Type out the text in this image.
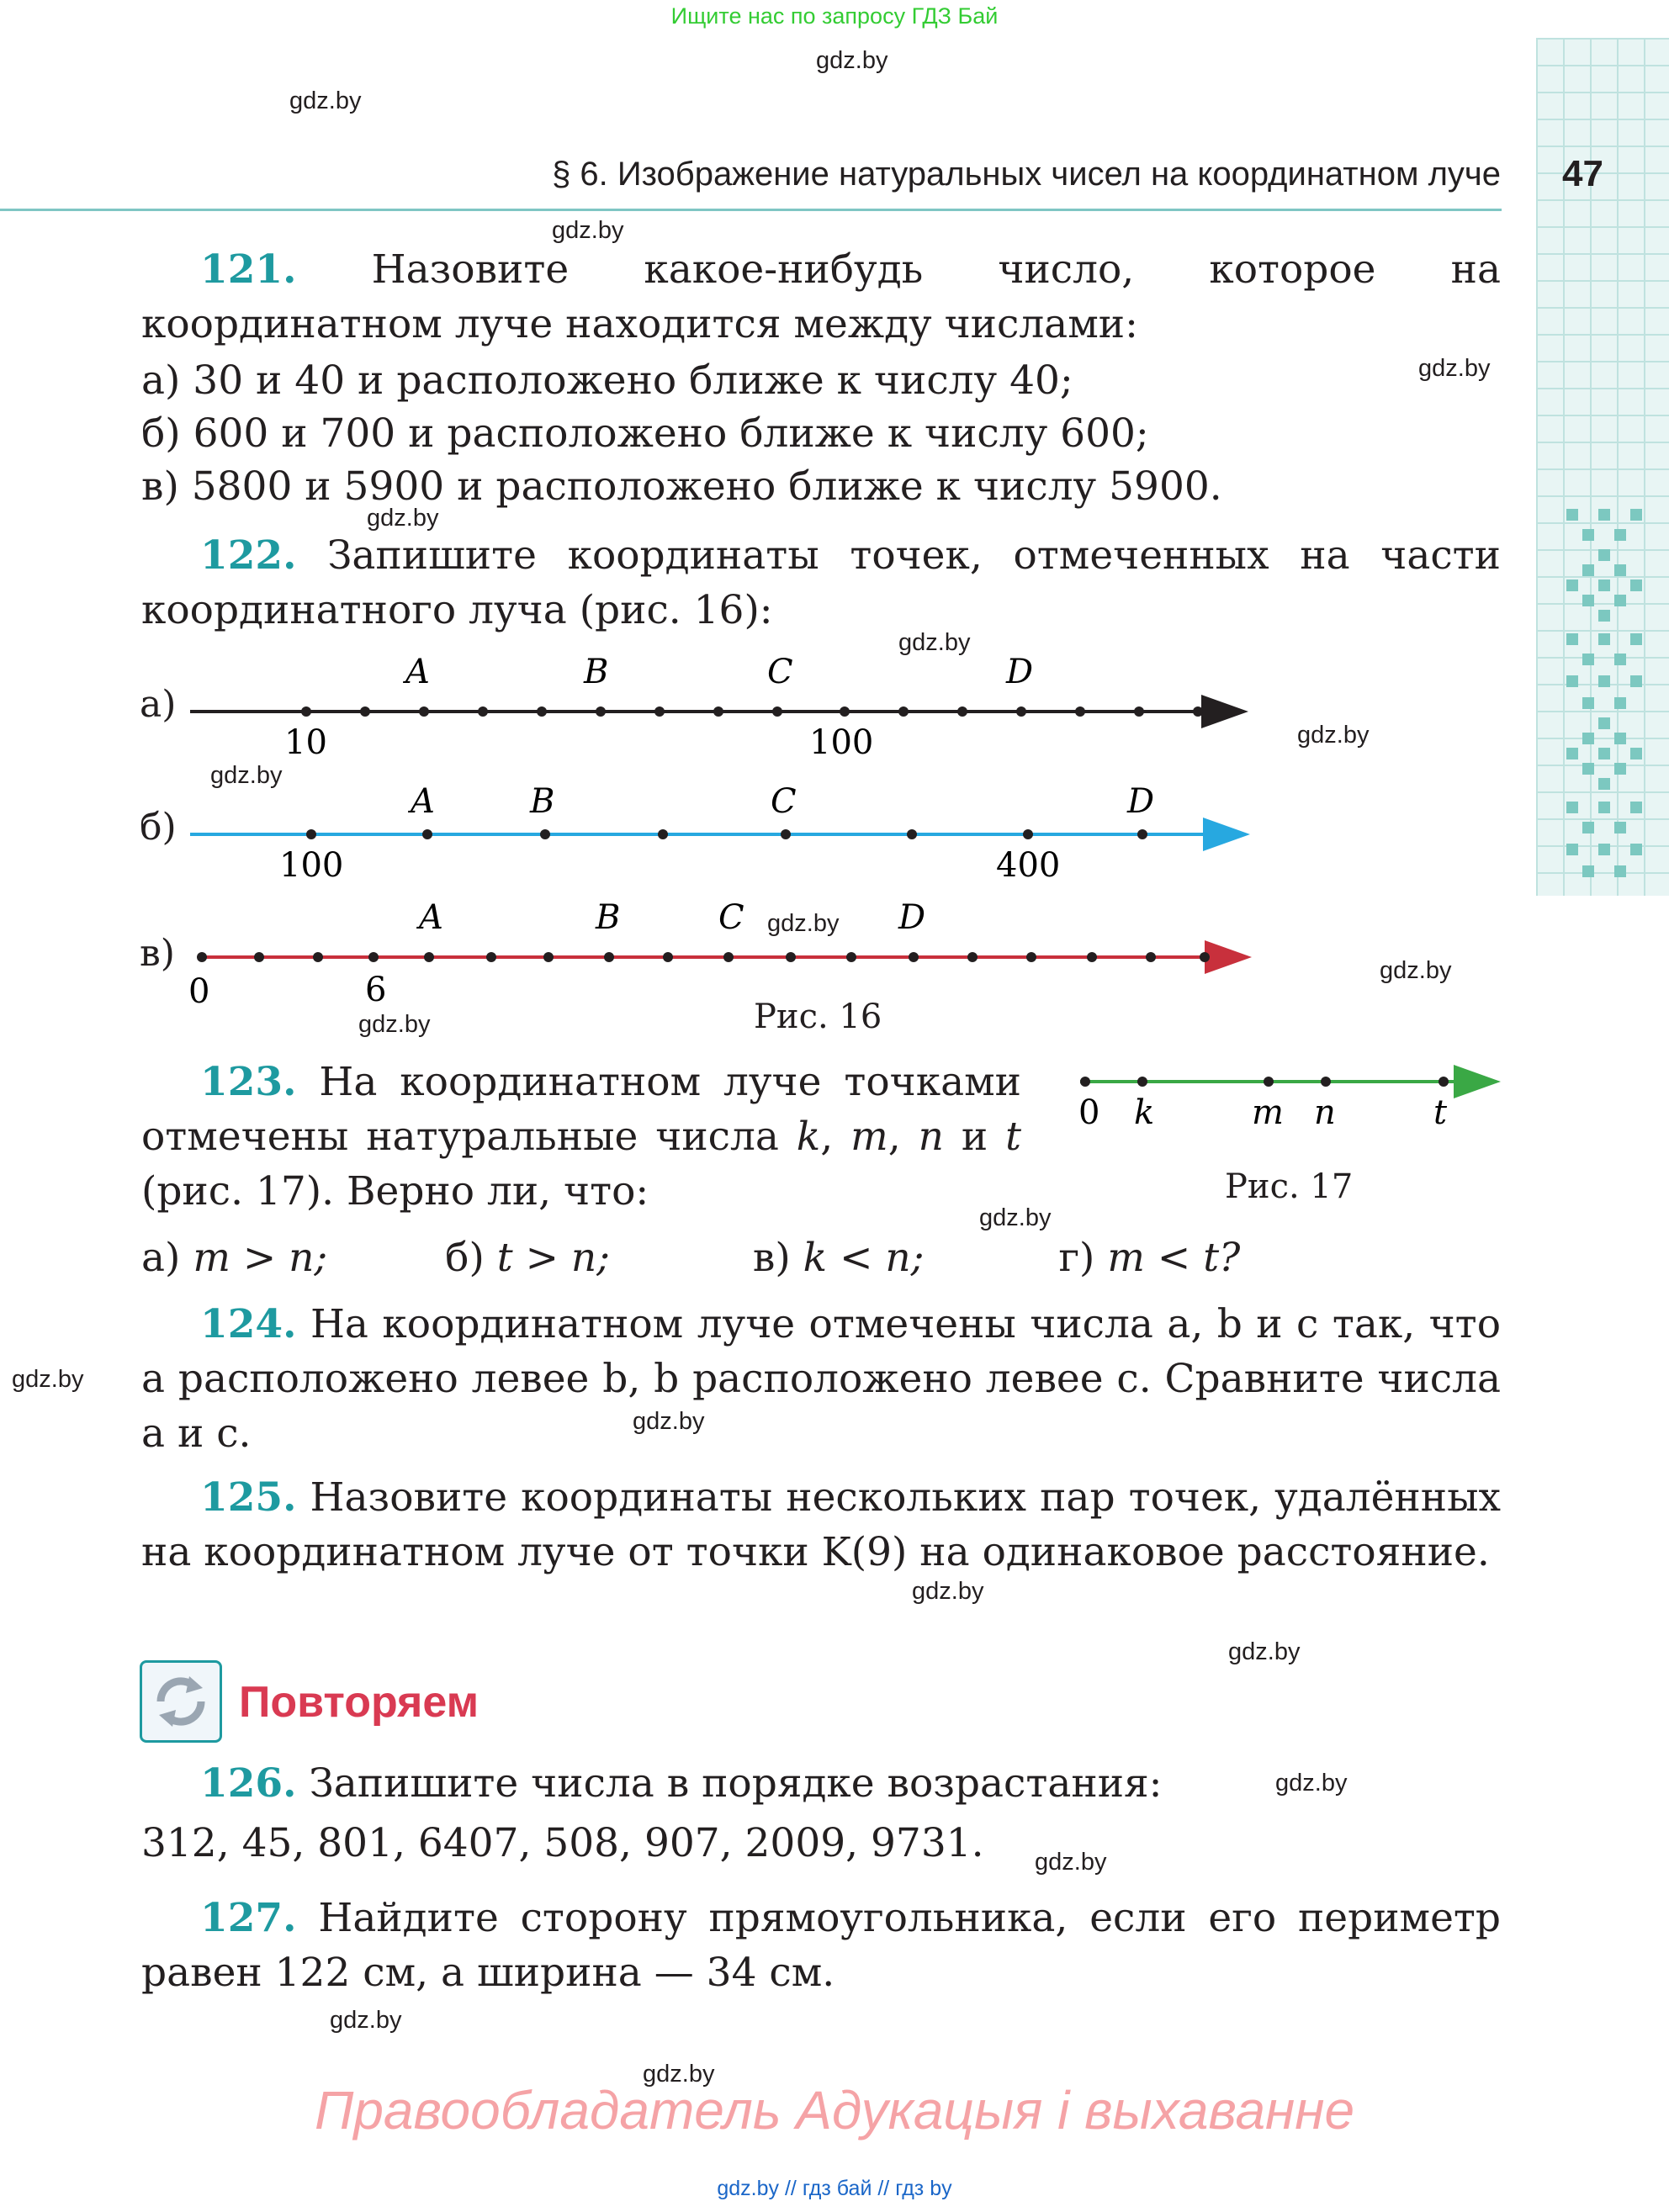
Ищите нас по запросу ГДЗ Бай
gdz.by
gdz.by
§ 6. Изображение натуральных чисел на координатном луче 47
gdz.by
121. Назовите какое-нибудь число, которое на координатном луче находится между числами:
а) 30 и 40 и расположено ближе к числу 40;
б) 600 и 700 и расположено ближе к числу 600;
в) 5800 и 5900 и расположено ближе к числу 5900.
gdz.by
gdz.by
122. Запишите координаты точек, отмеченных на части координатного луча (рис. 16):
gdz.by
а)
A	B	C	D
10	100
б)
A	B	C	D
100	400
в)
A	B	C	D
0	6
gdz.by
gdz.by
gdz.by
gdz.by
gdz.by	Рис. 16
123. На координатном лучe точками отмечены натуральные числа k, m, n и t (рис. 17). Верно ли, что:
0 k	m n	t
Рис. 17
gdz.by
а) m > n;	б) t > n;	в) k < n;	г) m < t?
124. На координатном луче отмечены числа a, b и c так, что a расположено левее b, b расположено левее c. Сравните числа a и c.
gdz.by
gdz.by
125. Назовите координаты нескольких пар точек, удалённых на координатном луче от точки K(9) на одинаковое расстояние.
gdz.by
gdz.by
Повторяем
126. Запишите числа в порядке возрастания:	gdz.by
312, 45, 801, 6407, 508, 907, 2009, 9731. gdz.by
127. Найдите сторону прямоугольника, если его периметр равен 122 см, а ширина — 34 см.
gdz.by
gdz.by
Правообладатель Адукацыя і выхаванне
gdz.by // гдз бай // гдз by
